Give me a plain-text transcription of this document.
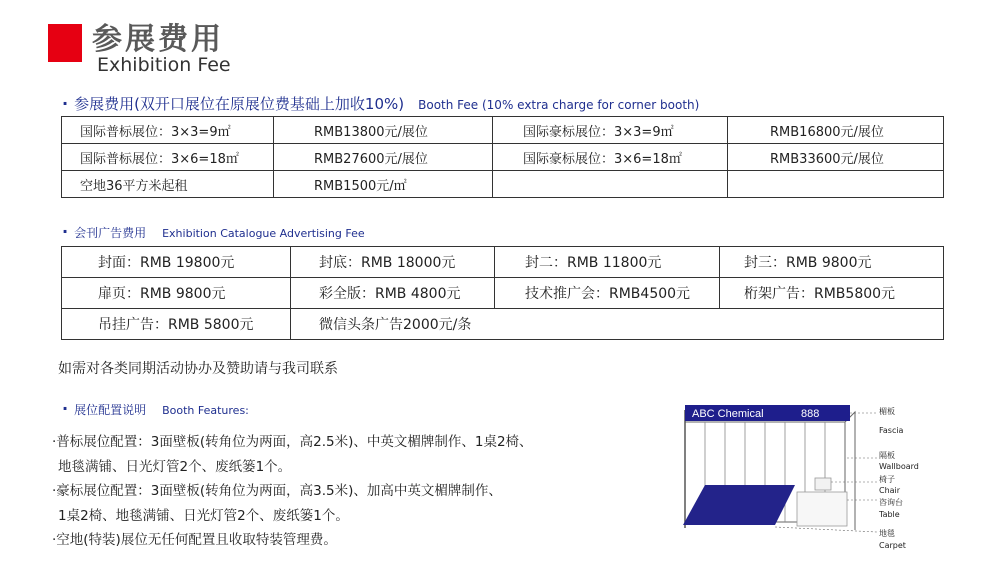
参展费用
Exhibition Fee
· 参展费用(双开口展位在原展位费基础上加收10%) Booth Fee (10% extra charge for corner booth)
国际普标展位：3×3=9㎡	RMB13800元/展位	国际豪标展位：3×3=9㎡	RMB16800元/展位
国际普标展位：3×6=18㎡	RMB27600元/展位	国际豪标展位：3×6=18㎡	RMB33600元/展位
空地36平方米起租	RMB1500元/㎡		
· 会刊广告费用 Exhibition Catalogue Advertising Fee
封面：RMB 19800元	封底：RMB 18000元	封二：RMB 11800元	封三：RMB 9800元
扉页：RMB 9800元	彩全版：RMB 4800元	技术推广会：RMB4500元	桁架广告：RMB5800元
吊挂广告：RMB 5800元	微信头条广告2000元/条		
如需对各类同期活动协办及赞助请与我司联系
· 展位配置说明 Booth Features:
·普标展位配置：3面壁板(转角位为两面，高2.5米)、中英文楣牌制作、1桌2椅、
地毯满铺、日光灯管2个、废纸篓1个。
·豪标展位配置：3面壁板(转角位为两面，高3.5米)、加高中英文楣牌制作、
1桌2椅、地毯满铺、日光灯管2个、废纸篓1个。
·空地(特装)展位无任何配置且收取特装管理费。
ABC Chemical	888	楣板
Fascia
隔板
Wallboard
椅子
Chair
咨询台
Table
地毯
Carpet
